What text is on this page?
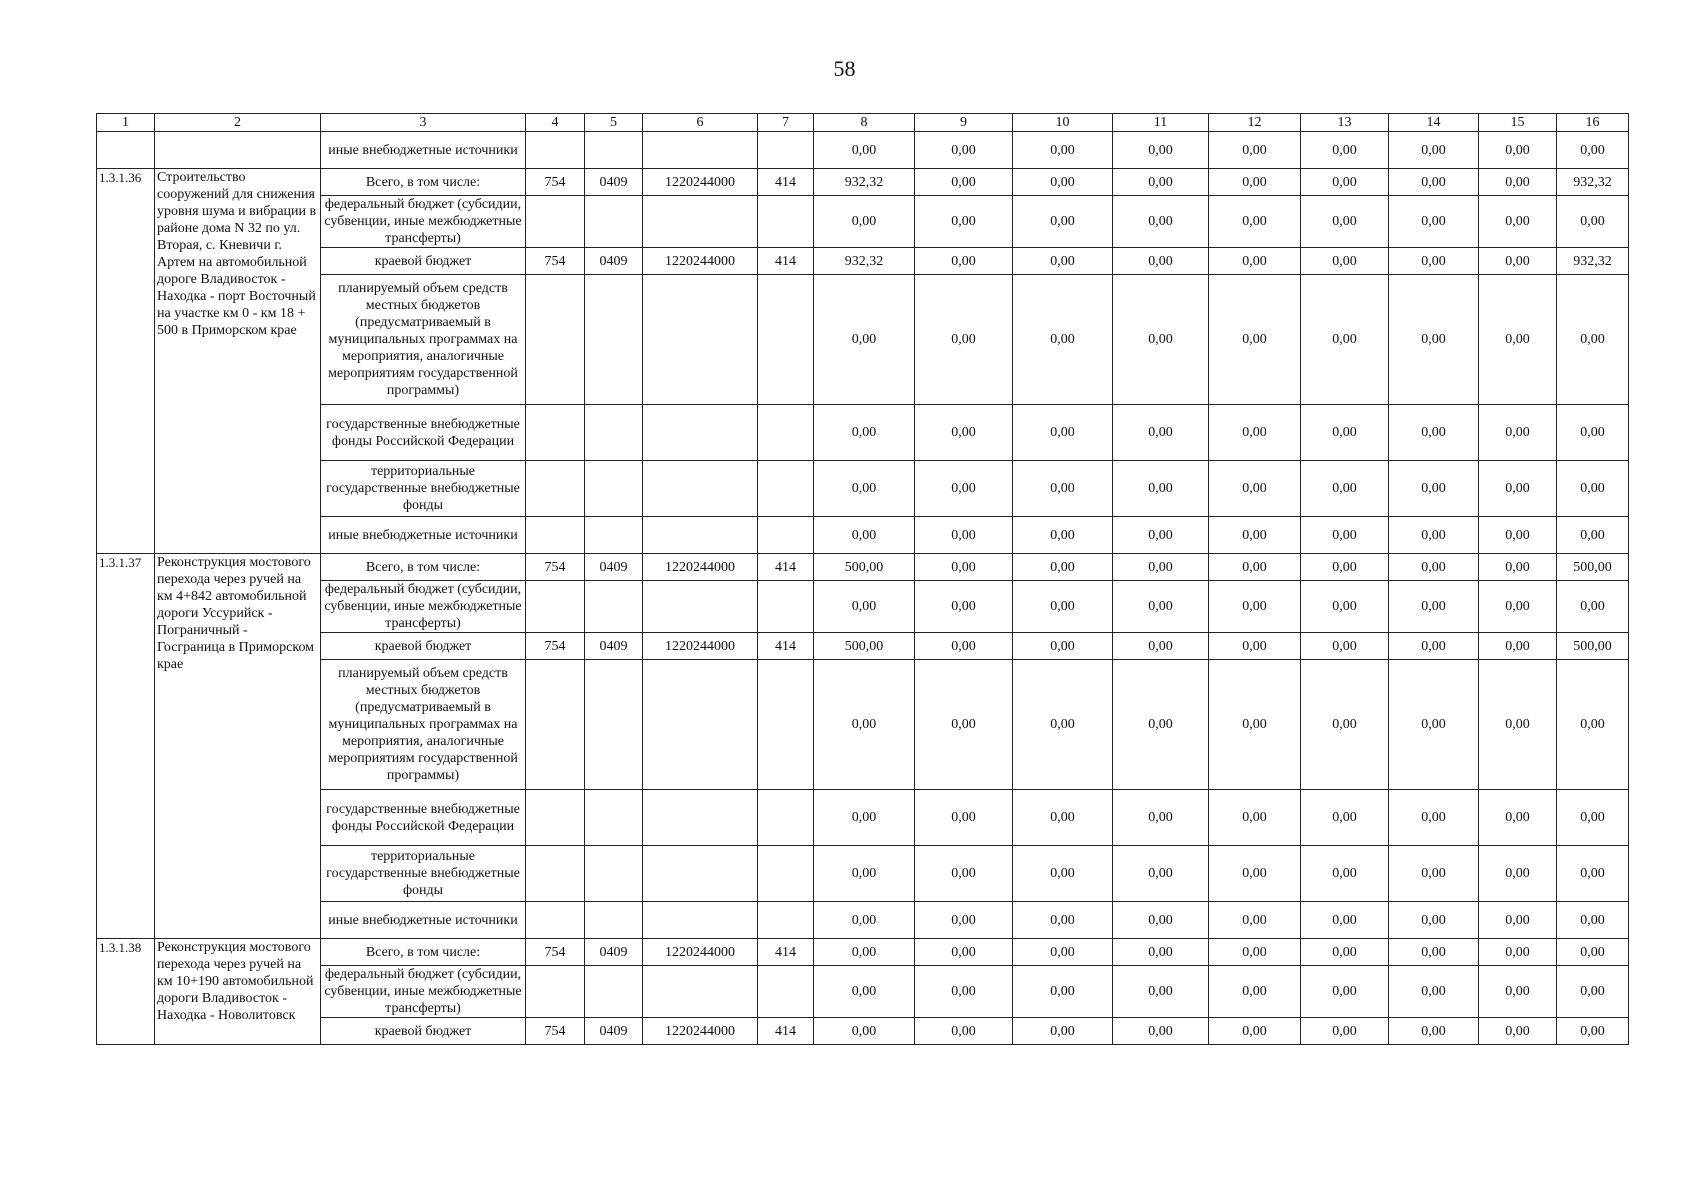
58
1	2	3	4	5	6	7	8	9	10	11	12	13	14	15	16
		иные внебюджетные источники					0,00	0,00	0,00	0,00	0,00	0,00	0,00	0,00	0,00
1.3.1.36	Строительство сооружений для снижения уровня шума и вибрации в районе дома N 32 по ул. Вторая, с. Кневичи г. Артем на автомобильной дороге Владивосток - Находка - порт Восточный на участке км 0 - км 18 + 500 в Приморском крае	Всего, в том числе:	754	0409	1220244000	414	932,32	0,00	0,00	0,00	0,00	0,00	0,00	0,00	932,32
		федеральный бюджет (субсидии, субвенции, иные межбюджетные трансферты)					0,00	0,00	0,00	0,00	0,00	0,00	0,00	0,00	0,00
		краевой бюджет	754	0409	1220244000	414	932,32	0,00	0,00	0,00	0,00	0,00	0,00	0,00	932,32
		планируемый объем средств местных бюджетов (предусматриваемый в муниципальных программах на мероприятия, аналогичные мероприятиям государственной программы)					0,00	0,00	0,00	0,00	0,00	0,00	0,00	0,00	0,00
		государственные внебюджетные фонды Российской Федерации					0,00	0,00	0,00	0,00	0,00	0,00	0,00	0,00	0,00
		территориальные государственные внебюджетные фонды					0,00	0,00	0,00	0,00	0,00	0,00	0,00	0,00	0,00
		иные внебюджетные источники					0,00	0,00	0,00	0,00	0,00	0,00	0,00	0,00	0,00
1.3.1.37	Реконструкция мостового перехода через ручей на км 4+842 автомобильной дороги Уссурийск - Пограничный - Госграница в Приморском крае	Всего, в том числе:	754	0409	1220244000	414	500,00	0,00	0,00	0,00	0,00	0,00	0,00	0,00	500,00
		федеральный бюджет (субсидии, субвенции, иные межбюджетные трансферты)					0,00	0,00	0,00	0,00	0,00	0,00	0,00	0,00	0,00
		краевой бюджет	754	0409	1220244000	414	500,00	0,00	0,00	0,00	0,00	0,00	0,00	0,00	500,00
		планируемый объем средств местных бюджетов (предусматриваемый в муниципальных программах на мероприятия, аналогичные мероприятиям государственной программы)					0,00	0,00	0,00	0,00	0,00	0,00	0,00	0,00	0,00
		государственные внебюджетные фонды Российской Федерации					0,00	0,00	0,00	0,00	0,00	0,00	0,00	0,00	0,00
		территориальные государственные внебюджетные фонды					0,00	0,00	0,00	0,00	0,00	0,00	0,00	0,00	0,00
		иные внебюджетные источники					0,00	0,00	0,00	0,00	0,00	0,00	0,00	0,00	0,00
1.3.1.38	Реконструкция мостового перехода через ручей на км 10+190 автомобильной дороги Владивосток - Находка - Новолитовск	Всего, в том числе:	754	0409	1220244000	414	0,00	0,00	0,00	0,00	0,00	0,00	0,00	0,00	0,00
		федеральный бюджет (субсидии, субвенции, иные межбюджетные трансферты)					0,00	0,00	0,00	0,00	0,00	0,00	0,00	0,00	0,00
		краевой бюджет	754	0409	1220244000	414	0,00	0,00	0,00	0,00	0,00	0,00	0,00	0,00	0,00
